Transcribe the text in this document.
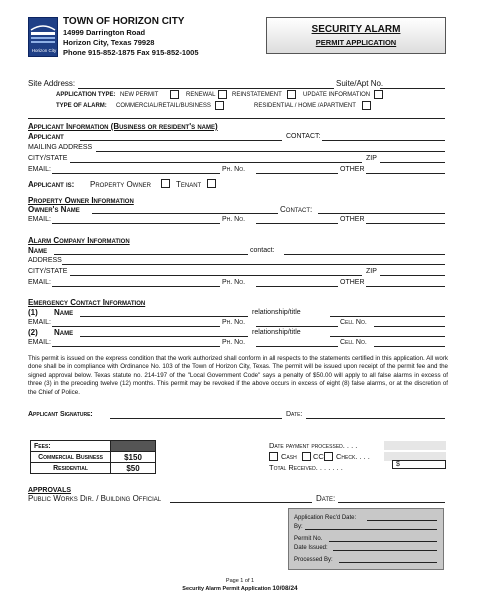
Horizon City
TOWN OF HORIZON CITY
14999 Darrington Road
Horizon City, Texas 79928
Phone 915-852-1875 Fax 915-852-1005
SECURITY ALARM
PERMIT APPLICATION
Site Address:	Suite/Apt No.
APPLICATION TYPE: NEW PERMIT	RENEWAL	REINSTATEMENT	UPDATE INFORMATION
TYPE OF ALARM: COMMERCIAL/RETAIL/BUSINESS	RESIDENTIAL / HOME /APARTMENT
Applicant Information (Business or resident's name)
Applicant	CONTACT:
MAILING ADDRESS
CITY/STATE	ZIP
EMAIL:	Ph. No.	OTHER
Applicant is: Property Owner	Tenant
Property Owner Information
Owner's Name	Contact:
EMAIL:	Ph. No.	OTHER
Alarm Company Information
Name	contact:
ADDRESS
CITY/STATE	ZIP
EMAIL:	Ph. No.	OTHER
Emergency Contact Information
(1) Name	relationship/title
EMAIL:	Ph. No.	Cell No.
(2) Name	relationship/title
EMAIL:	Ph. No.	Cell No.
This permit is issued on the express condition that the work authorized shall conform in all respects to the statements certified in this application. All work done shall be in compliance with Ordinance No. 103 of the Town of Horizon City, Texas. The permit will be issued upon receipt of the permit fee and the signed approval below. Texas statute no. 214-197 of the "Local Government Code" says a penalty of $50.00 will apply to all false alarms in excess of three (3) in the preceding twelve (12) months. This permit may be revoked if the above occurs in excess of eight (8) false alarms, or at the discretion of the Chief of Police.
Applicant Signature:	Date:
Fees:	
Commercial Business	$150
Residential	$50
Date payment processed. . . .
Cash CC Check. . . .
Total Received. . . . . . .	$
APPROVALS
Public Works Dir. / Building Official	Date:
Application Rec'd Date:
By:
Permit No.
Date Issued:
Processed By:
Page 1 of 1
Security Alarm Permit Application 10/08/24
